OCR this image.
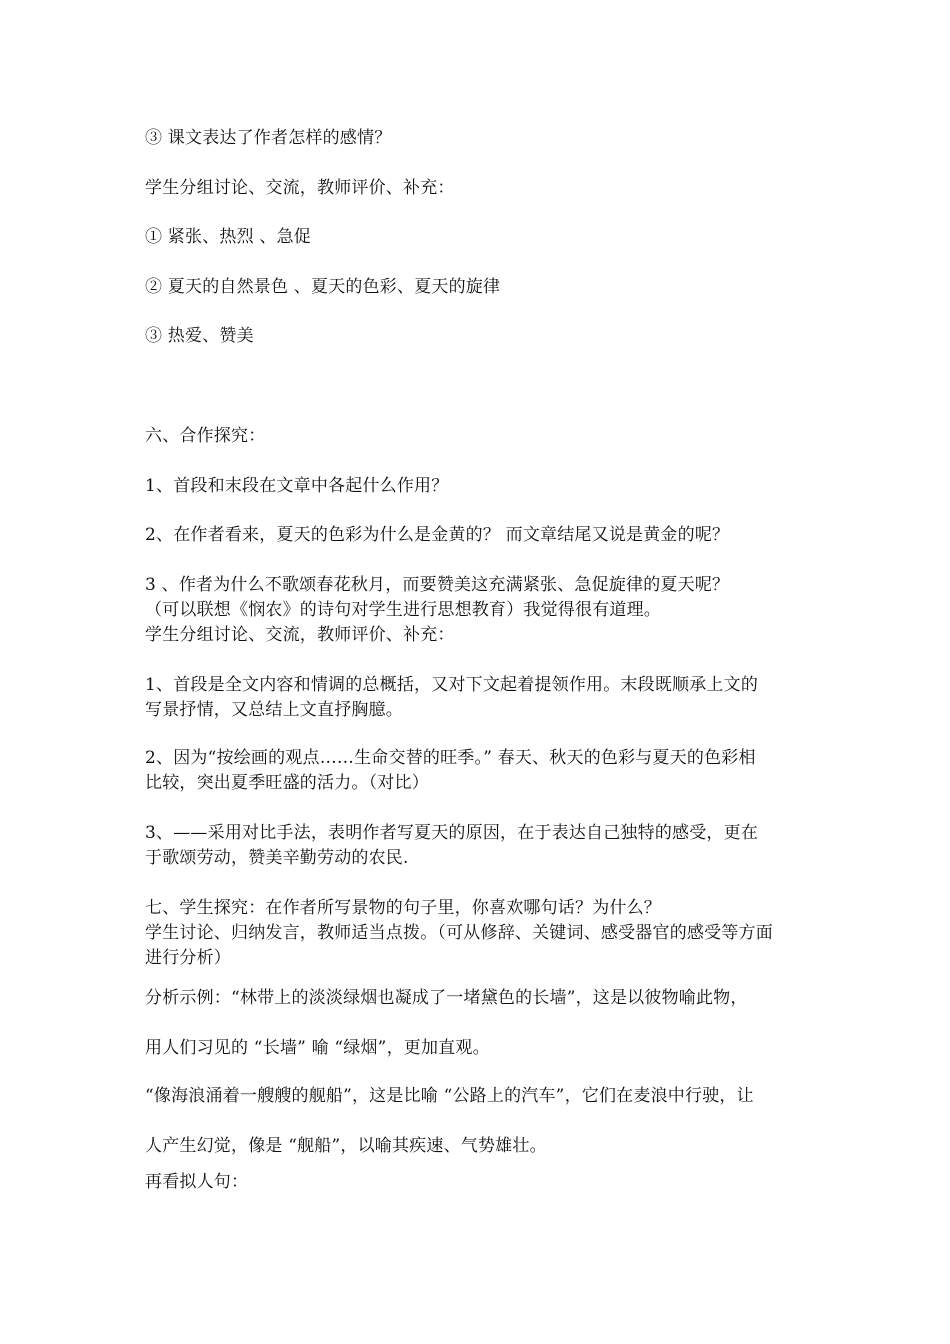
③ 课文表达了作者怎样的感情？
学生分组讨论、交流，教师评价、补充：
① 紧张、热烈 、急促
② 夏天的自然景色 、夏天的色彩、夏天的旋律
③ 热爱、赞美
六、合作探究：
1、首段和末段在文章中各起什么作用？
2、在作者看来，夏天的色彩为什么是金黄的？ 而文章结尾又说是黄金的呢？
3 、作者为什么不歌颂春花秋月，而要赞美这充满紧张、急促旋律的夏天呢？
（可以联想《悯农》的诗句对学生进行思想教育）我觉得很有道理。
学生分组讨论、交流，教师评价、补充：
1、首段是全文内容和情调的总概括，又对下文起着提领作用。末段既顺承上文的
写景抒情，又总结上文直抒胸臆。
2、因为“按绘画的观点……生命交替的旺季。” 春天、秋天的色彩与夏天的色彩相
比较，突出夏季旺盛的活力。（对比）
3、——采用对比手法，表明作者写夏天的原因，在于表达自己独特的感受，更在
于歌颂劳动，赞美辛勤劳动的农民.
七、学生探究：在作者所写景物的句子里，你喜欢哪句话？为什么？
学生讨论、归纳发言，教师适当点拨。（可从修辞、关键词、感受器官的感受等方面
进行分析）
分析示例：“林带上的淡淡绿烟也凝成了一堵黛色的长墙”，这是以彼物喻此物，
用人们习见的 “长墙” 喻 “绿烟”，更加直观。
“像海浪涌着一艘艘的舰船”，这是比喻 “公路上的汽车”，它们在麦浪中行驶，让
人产生幻觉，像是 “舰船”，以喻其疾速、气势雄壮。
再看拟人句：
